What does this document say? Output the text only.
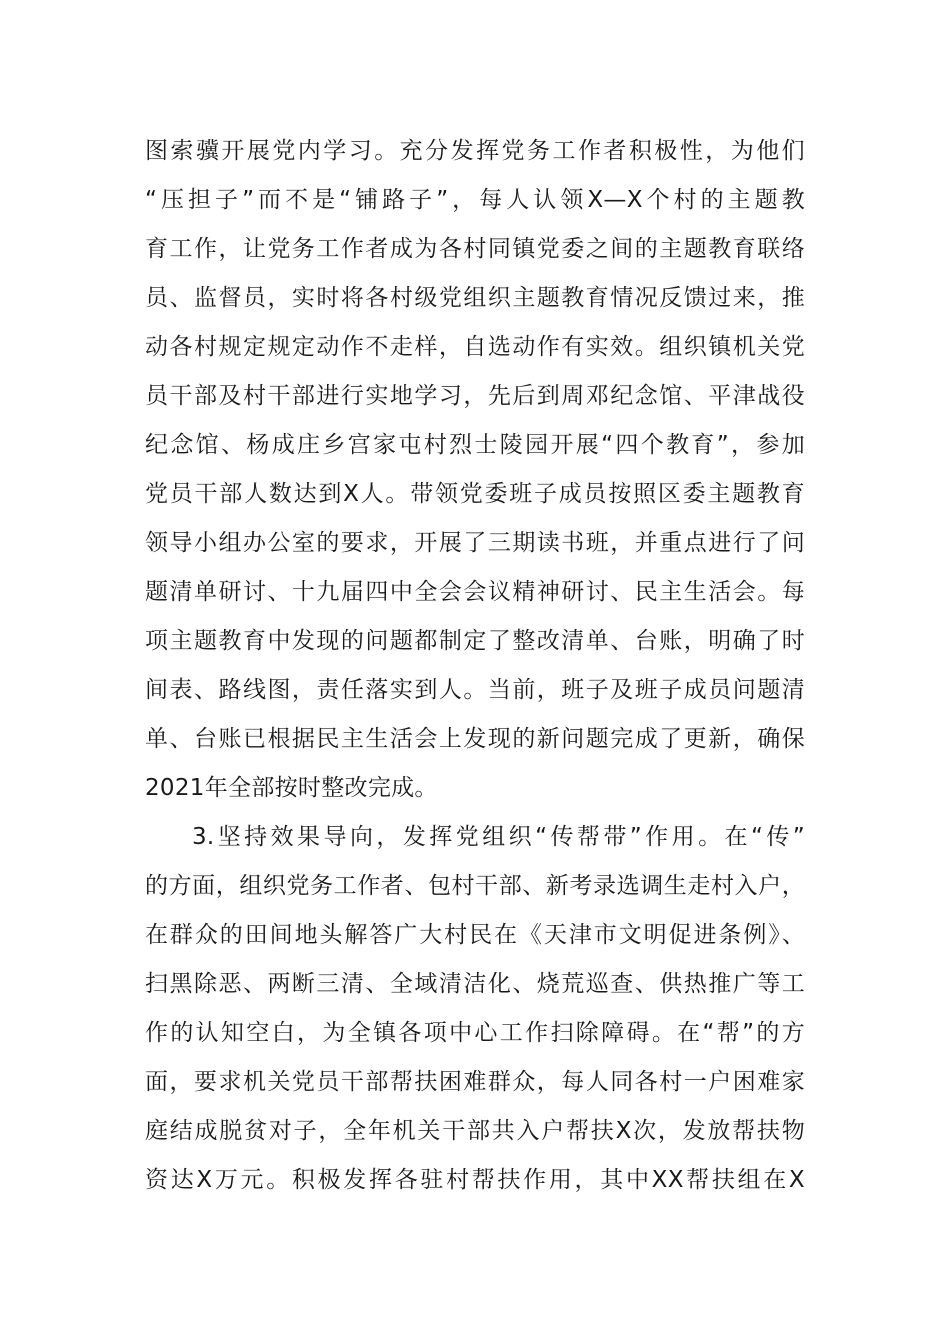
图索骥开展党内学习。充分发挥党务工作者积极性，为他们
“压担子”而不是“铺路子”，每人认领X—X个村的主题教
育工作，让党务工作者成为各村同镇党委之间的主题教育联络
员、监督员，实时将各村级党组织主题教育情况反馈过来，推
动各村规定规定动作不走样，自选动作有实效。组织镇机关党
员干部及村干部进行实地学习，先后到周邓纪念馆、平津战役
纪念馆、杨成庄乡宫家屯村烈士陵园开展“四个教育”，参加
党员干部人数达到X人。带领党委班子成员按照区委主题教育
领导小组办公室的要求，开展了三期读书班，并重点进行了问
题清单研讨、十九届四中全会会议精神研讨、民主生活会。每
项主题教育中发现的问题都制定了整改清单、台账，明确了时
间表、路线图，责任落实到人。当前，班子及班子成员问题清
单、台账已根据民主生活会上发现的新问题完成了更新，确保
2021年全部按时整改完成。
3.坚持效果导向，发挥党组织“传帮带”作用。在“传”
的方面，组织党务工作者、包村干部、新考录选调生走村入户，
在群众的田间地头解答广大村民在《天津市文明促进条例》、
扫黑除恶、两断三清、全域清洁化、烧荒巡查、供热推广等工
作的认知空白，为全镇各项中心工作扫除障碍。在“帮”的方
面，要求机关党员干部帮扶困难群众，每人同各村一户困难家
庭结成脱贫对子，全年机关干部共入户帮扶X次，发放帮扶物
资达X万元。积极发挥各驻村帮扶作用，其中XX帮扶组在X
